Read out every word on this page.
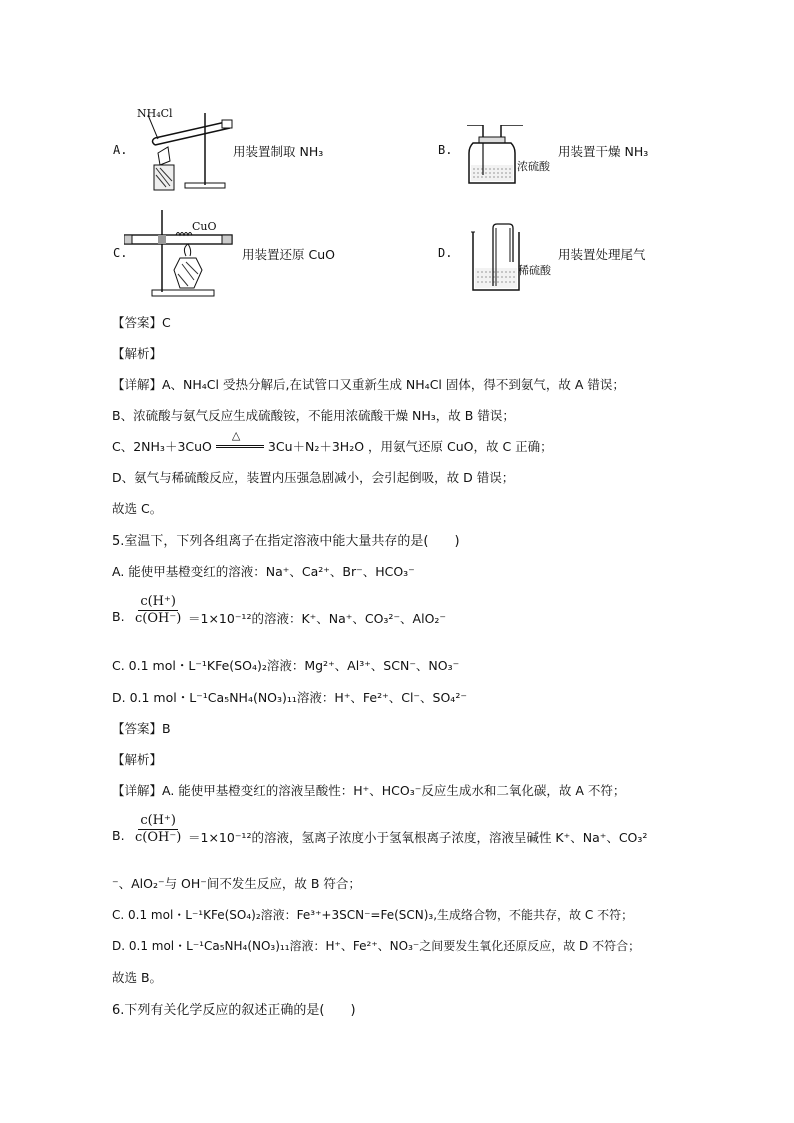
A.
NH₄Cl
用装置制取 NH₃	B.
浓硫酸
用装置干燥 NH₃
C.
CuO
用装置还原 CuO	D.
稀硫酸
用装置处理尾气
【答案】C
【解析】
【详解】A、NH₄Cl 受热分解后,在试管口又重新生成 NH₄Cl 固体，得不到氨气，故 A 错误；
B、浓硫酸与氨气反应生成硫酸铵，不能用浓硫酸干燥 NH₃，故 B 错误；
C、2NH₃＋3CuO
△
3Cu＋N₂＋3H₂O ，用氨气还原 CuO，故 C 正确；
D、氨气与稀硫酸反应，装置内压强急剧减小，会引起倒吸，故 D 错误；
故选 C。
5.室温下，下列各组离子在指定溶液中能大量共存的是(　　)
A. 能使甲基橙变红的溶液：Na⁺、Ca²⁺、Br⁻、HCO₃⁻
B. $\frac{c(H^+)}{c(OH^-)} =1\times 10^{-12}$的溶液：K⁺、Na⁺、CO₃²⁻、AlO₂⁻
C. 0.1 mol・L⁻¹KFe(SO₄)₂溶液：Mg²⁺、Al³⁺、SCN⁻、NO₃⁻
D. 0.1 mol・L⁻¹Ca₅NH₄(NO₃)₁₁溶液：H⁺、Fe²⁺、Cl⁻、SO₄²⁻
【答案】B
【解析】
【详解】A. 能使甲基橙变红的溶液呈酸性：H⁺、HCO₃⁻反应生成水和二氧化碳，故 A 不符；
B. $\frac{c(H^+)}{c(OH^-)} =1\times 10^{-12}$的溶液，氢离子浓度小于氢氧根离子浓度，溶液呈碱性 K⁺、Na⁺、CO₃²
⁻、AlO₂⁻与 OH⁻间不发生反应，故 B 符合；
C. 0.1 mol・L⁻¹KFe(SO₄)₂溶液：Fe³⁺+3SCN⁻=Fe(SCN)₃,生成络合物，不能共存，故 C 不符；
D. 0.1 mol・L⁻¹Ca₅NH₄(NO₃)₁₁溶液：H⁺、Fe²⁺、NO₃⁻之间要发生氧化还原反应，故 D 不符合；
故选 B。
6.下列有关化学反应的叙述正确的是(　　)
